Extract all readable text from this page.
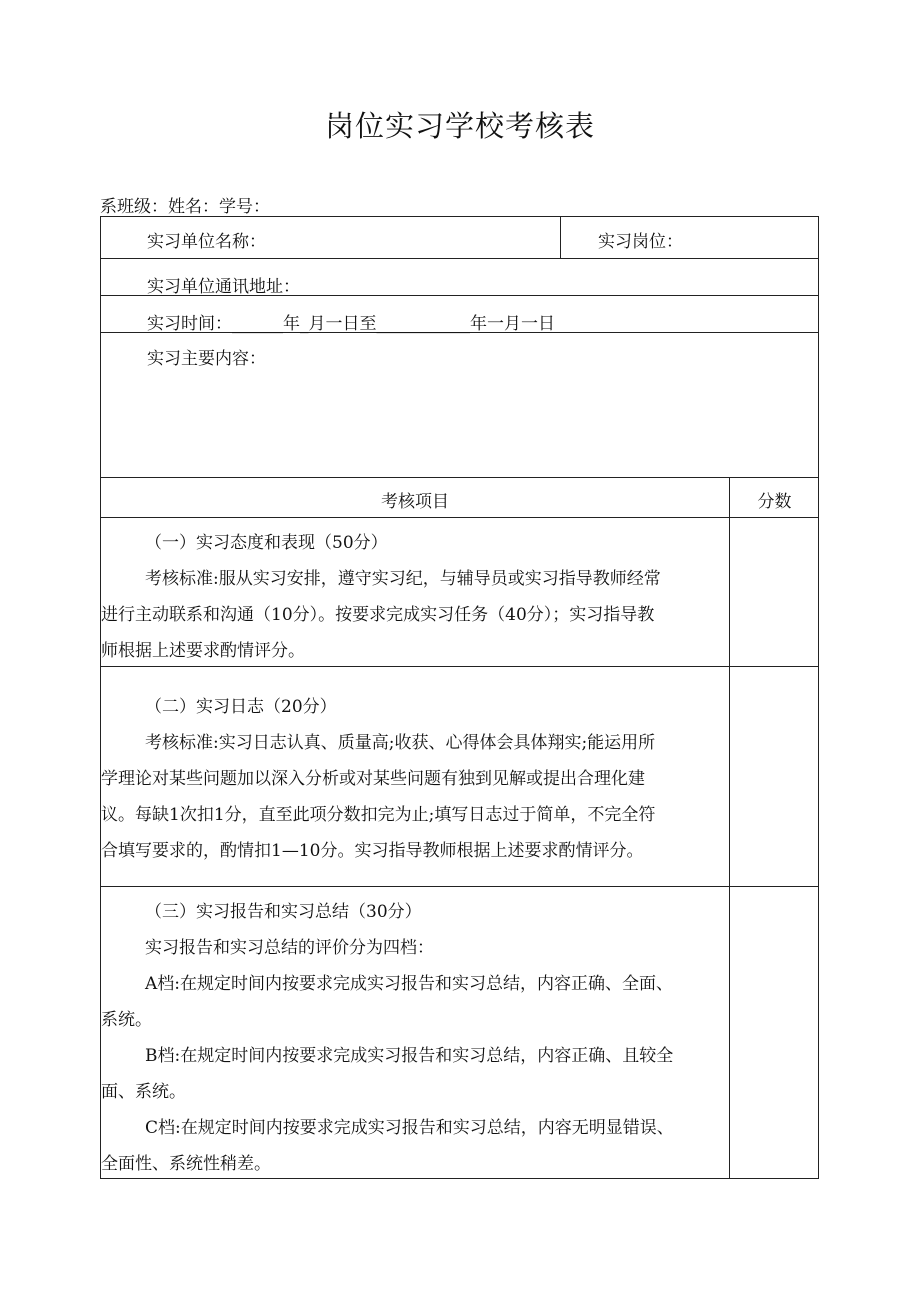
岗位实习学校考核表
系班级：姓名：学号：
实习单位名称：	实习岗位：
实习单位通讯地址：
实习时间：______年_月一日至___________年一月一日
实习主要内容：
考核项目	分数
（一）实习态度和表现（50分）
考核标准:服从实习安排，遵守实习纪，与辅导员或实习指导教师经常
进行主动联系和沟通（10分）。按要求完成实习任务（40分）；实习指导教
师根据上述要求酌情评分。
（二）实习日志（20分）
考核标准:实习日志认真、质量高;收获、心得体会具体翔实;能运用所
学理论对某些问题加以深入分析或对某些问题有独到见解或提出合理化建
议。每缺1次扣1分，直至此项分数扣完为止;填写日志过于简单，不完全符
合填写要求的，酌情扣1—10分。实习指导教师根据上述要求酌情评分。
（三）实习报告和实习总结（30分）
实习报告和实习总结的评价分为四档：
A档:在规定时间内按要求完成实习报告和实习总结，内容正确、全面、
系统。
B档:在规定时间内按要求完成实习报告和实习总结，内容正确、且较全
面、系统。
C档:在规定时间内按要求完成实习报告和实习总结，内容无明显错误、
全面性、系统性稍差。
